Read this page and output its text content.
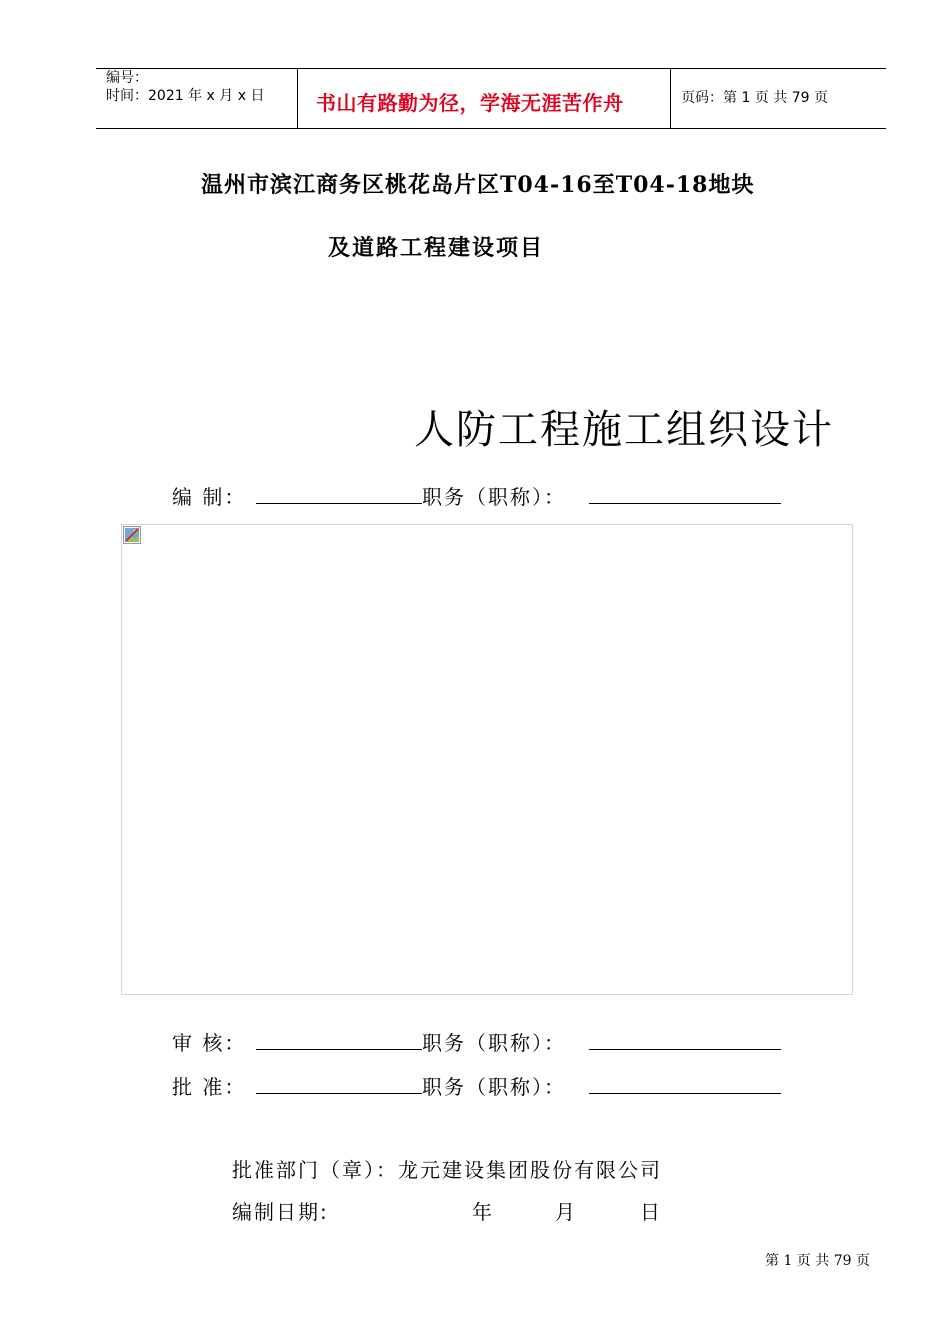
编号：
时间：2021 年 x 月 x 日	书山有路勤为径，学海无涯苦作舟	页码：第 1 页 共 79 页
温州市滨江商务区桃花岛片区T04-16至T04-18地块
及道路工程建设项目
人防工程施工组织设计
编 制：	职务（职称）：
审 核：	职务（职称）：
批 准：	职务（职称）：
批准部门（章）：龙元建设集团股份有限公司
编制日期:	年	月	日
第 1 页 共 79 页
